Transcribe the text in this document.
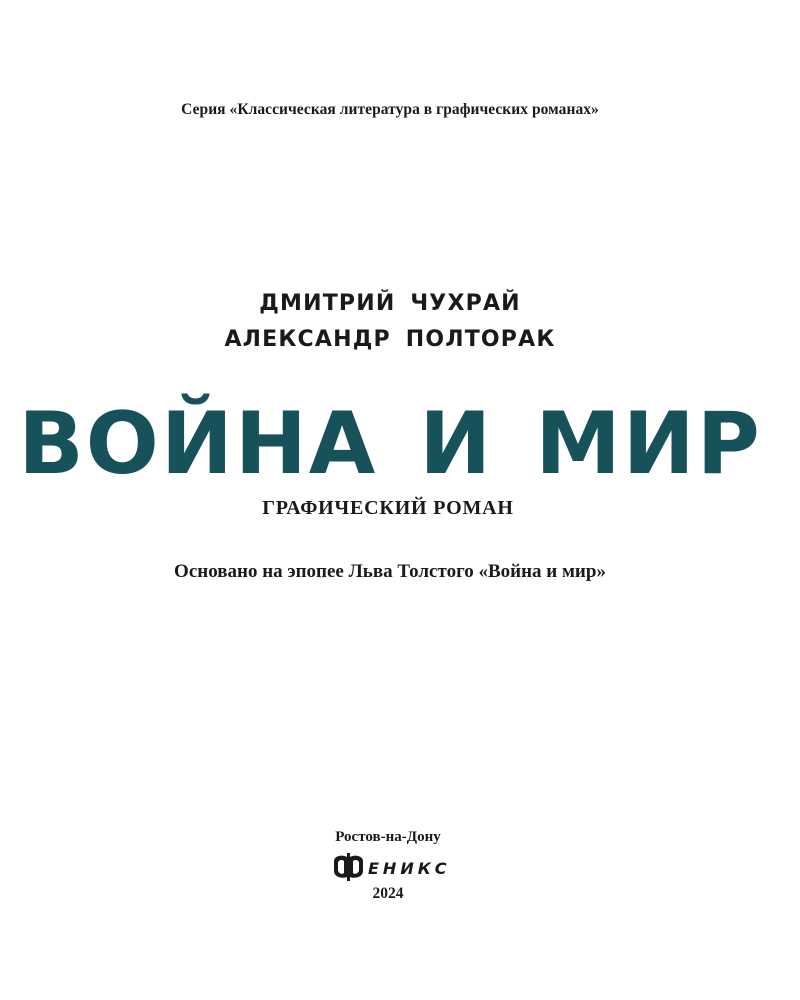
Серия «Классическая литература в графических романах»
ДМИТРИЙ ЧУХРАЙ
АЛЕКСАНДР ПОЛТОРАК
ВОЙНА И МИР
ГРАФИЧЕСКИЙ РОМАН
Основано на эпопее Льва Толстого «Война и мир»
Ростов-на-Дону
ЕНИКС
2024
